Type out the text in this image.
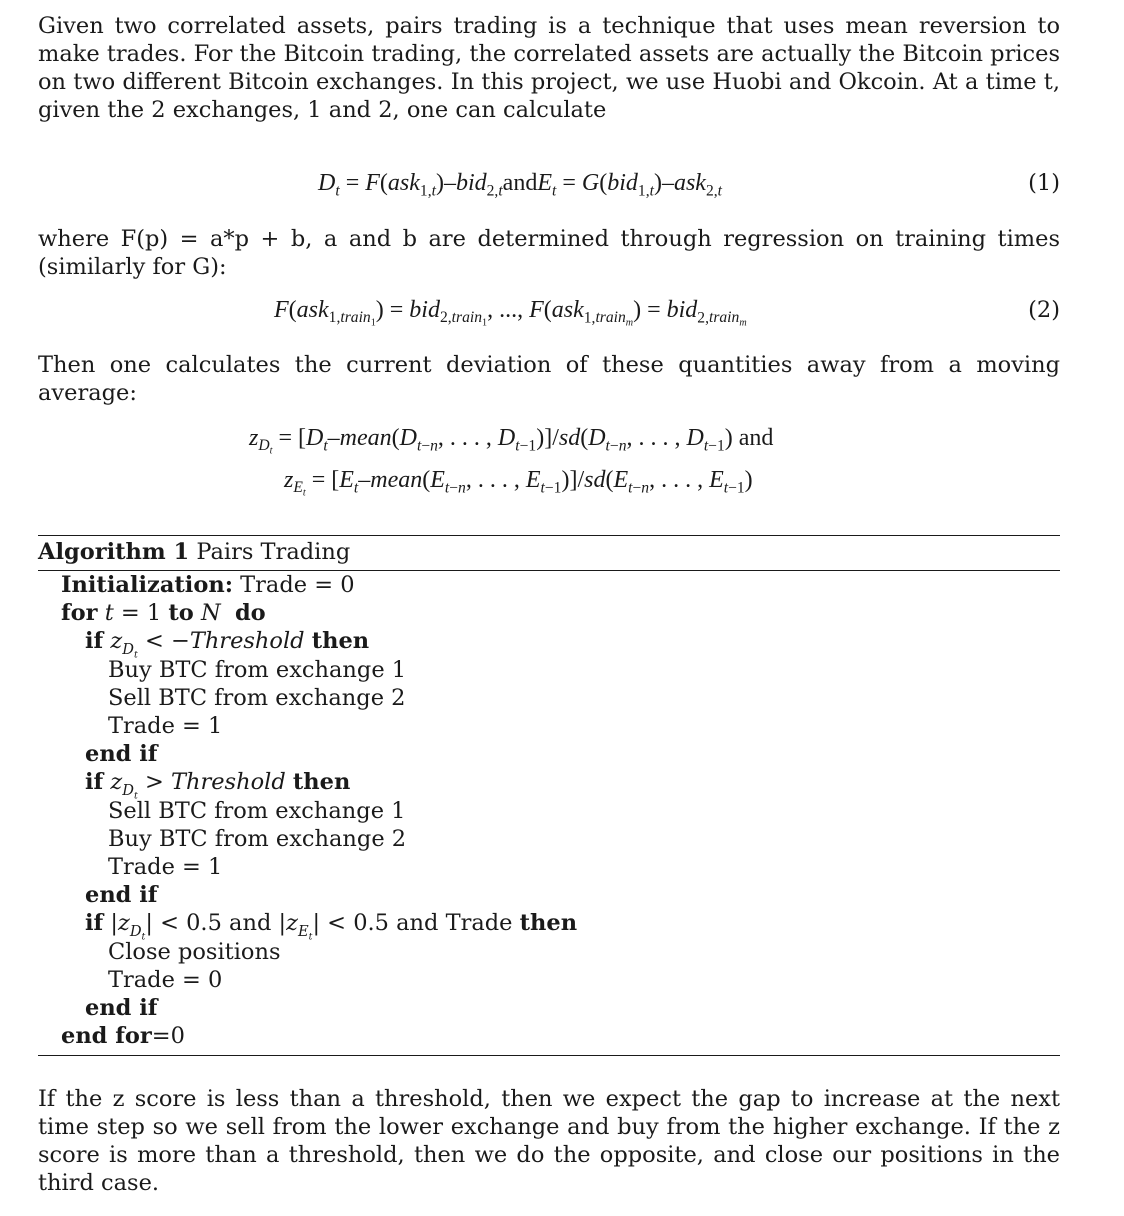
Given two correlated assets, pairs trading is a technique that uses mean reversion to make trades. For the Bitcoin trading, the correlated assets are actually the Bitcoin prices on two different Bitcoin exchanges. In this project, we use Huobi and Okcoin. At a time t, given the 2 exchanges, 1 and 2, one can calculate

$D_t$ = F(ask$_{1,t}$)–bid$_{2,t}$andE$_t$ = G(bid$_{1,t}$)–ask$_{2,t}$	(1)

where F(p) = a*p + b, a and b are determined through regression on training times (similarly for G):

F(ask$_{1,train_1}$) = bid$_{2,train_1}$, ..., F(ask$_{1,train_m}$) = bid$_{2,train_m}$
(2)

Then one calculates the current deviation of these quantities away from a moving average:

$z_{D_t}$ = [$D_t-mean(D_{t-n}$, . . . , $D_{t-1})]/sd(D_{t-n}$, . . . , $D_{t-1}$) and
$z_{E_t}$ = [$E_t-mean(E_{t-n}$, . . . , $E_{t-1})]/sd(E_{t-n}$, . . . , $E_{t-1}$)
Algorithm 1 Pairs Trading
Initialization: Trade = 0
for t = 1 to N do
if $z_{D_t}$ < −Threshold then
Buy BTC from exchange 1
Sell BTC from exchange 2
Trade = 1
end if
if $z_{D_t}$ > Threshold then
Sell BTC from exchange 1
Buy BTC from exchange 2
Trade = 1
end if
if $|z_{D_t}| < 0.5$ and $|z_{E_t}| < 0.5$ and Trade then
Close positions
Trade = 0
end if
end for=0

If the z score is less than a threshold, then we expect the gap to increase at the next time step so we sell from the lower exchange and buy from the higher exchange. If the z score is more than a threshold, then we do the opposite, and close our positions in the third case.
